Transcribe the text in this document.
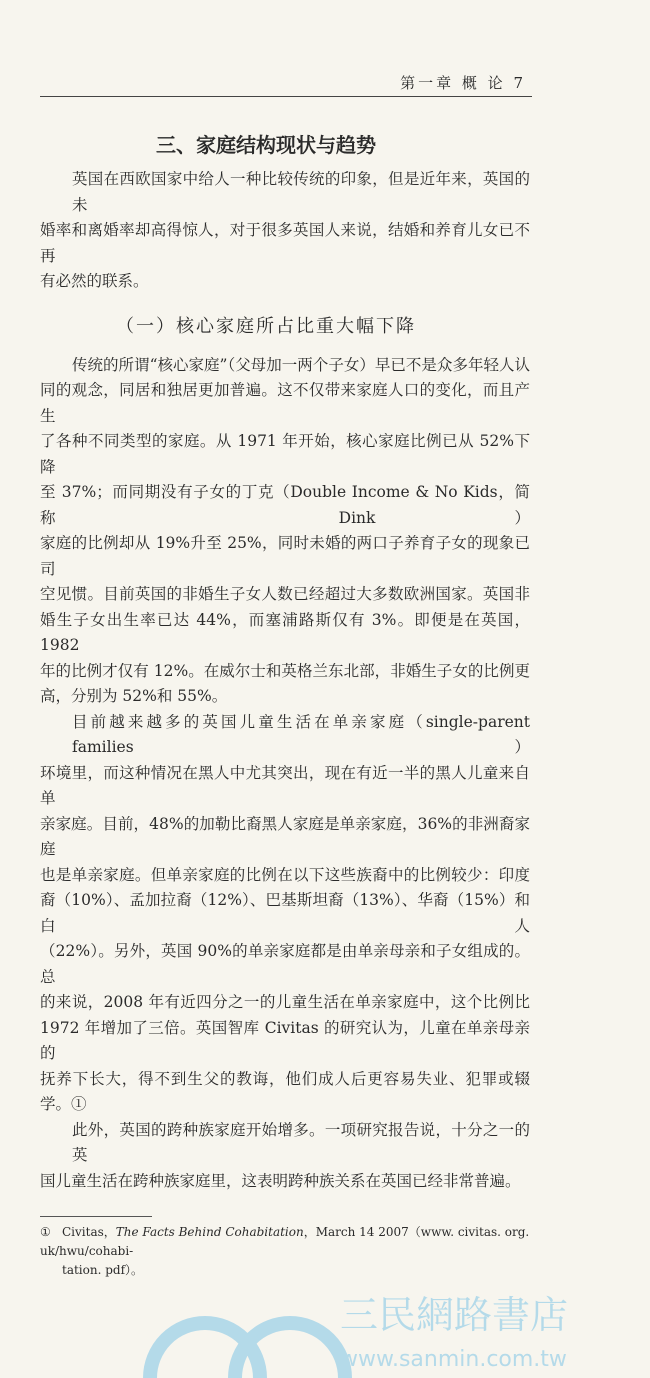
第一章 概 论 7
三、家庭结构现状与趋势
英国在西欧国家中给人一种比较传统的印象，但是近年来，英国的未
婚率和离婚率却高得惊人，对于很多英国人来说，结婚和养育儿女已不再
有必然的联系。
（一）核心家庭所占比重大幅下降
传统的所谓“核心家庭”（父母加一两个子女）早已不是众多年轻人认
同的观念，同居和独居更加普遍。这不仅带来家庭人口的变化，而且产生
了各种不同类型的家庭。从 1971 年开始，核心家庭比例已从 52%下降
至 37%；而同期没有子女的丁克（Double Income & No Kids，简称 Dink）
家庭的比例却从 19%升至 25%，同时未婚的两口子养育子女的现象已司
空见惯。目前英国的非婚生子女人数已经超过大多数欧洲国家。英国非
婚生子女出生率已达 44%，而塞浦路斯仅有 3%。即便是在英国，1982
年的比例才仅有 12%。在威尔士和英格兰东北部，非婚生子女的比例更
高，分别为 52%和 55%。
目前越来越多的英国儿童生活在单亲家庭（single-parent families）
环境里，而这种情况在黑人中尤其突出，现在有近一半的黑人儿童来自单
亲家庭。目前，48%的加勒比裔黑人家庭是单亲家庭，36%的非洲裔家庭
也是单亲家庭。但单亲家庭的比例在以下这些族裔中的比例较少：印度
裔（10%）、孟加拉裔（12%）、巴基斯坦裔（13%）、华裔（15%）和白人
（22%）。另外，英国 90%的单亲家庭都是由单亲母亲和子女组成的。总
的来说，2008 年有近四分之一的儿童生活在单亲家庭中，这个比例比
1972 年增加了三倍。英国智库 Civitas 的研究认为，儿童在单亲母亲的
抚养下长大，得不到生父的教诲，他们成人后更容易失业、犯罪或辍学。①
此外，英国的跨种族家庭开始增多。一项研究报告说，十分之一的英
国儿童生活在跨种族家庭里，这表明跨种族关系在英国已经非常普遍。
① Civitas，The Facts Behind Cohabitation，March 14 2007（www. civitas. org. uk/hwu/cohabi-
tation. pdf）。
三民網路書店
www.sanmin.com.tw
